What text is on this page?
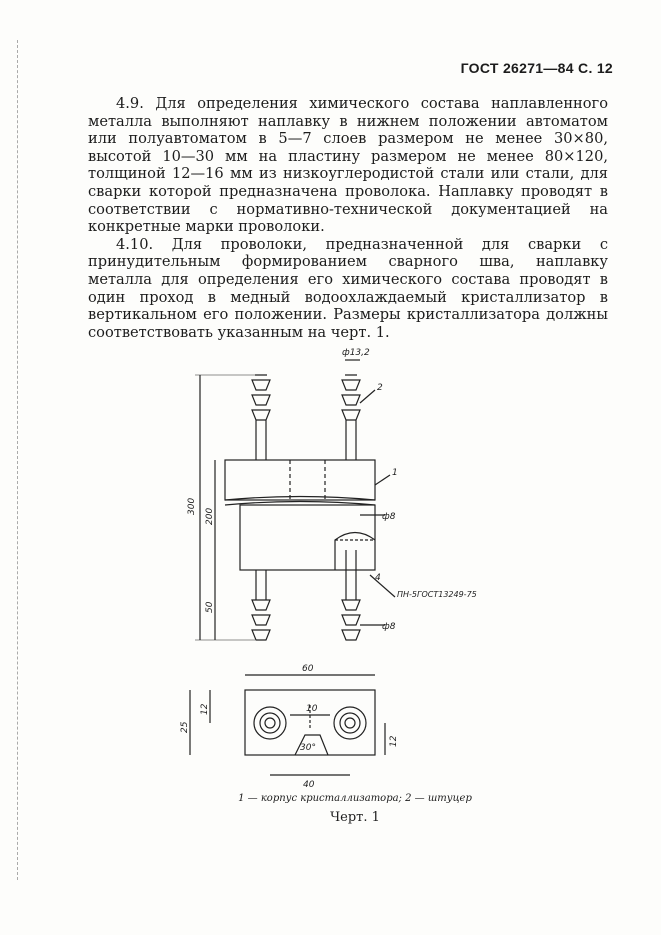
ГОСТ 26271—84 С. 12

4.9. Для определения химического состава наплавленного металла выполняют наплавку в нижнем положении автоматом или полуавтоматом в 5—7 слоев размером не менее 30×80, высотой 10—30 мм на пластину размером не менее 80×120, толщиной 12—16 мм из низкоуглеродистой стали или стали, для сварки которой предназначена проволока. Наплавку проводят в соответствии с нормативно-технической документацией на конкретные марки проволоки.

4.10. Для проволоки, предназначенной для сварки с принудительным формированием сварного шва, наплавку металла для определения его химического состава проводят в один проход в медный водоохлаждаемый кристаллизатор в вертикальном его положении. Размеры кристаллизатора должны соответствовать указанным на черт. 1.

ф13,2
2
1
ф8
ф8
4
ПН-5ГОСТ13249-75
300
200
50
60
10
40
30°
12
25
12
1 — корпус кристаллизатора; 2 — штуцер
Черт. 1
